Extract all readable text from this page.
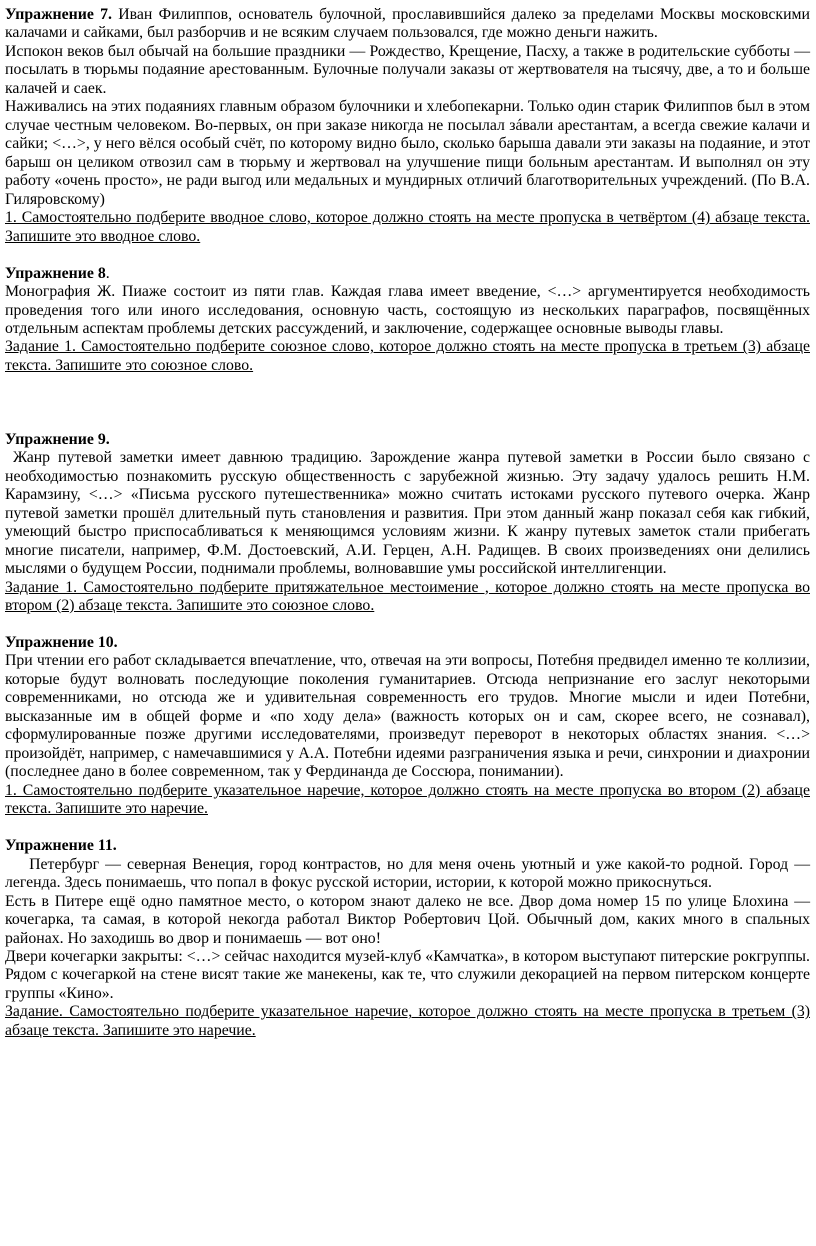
Упражнение 7. Иван Филиппов, основатель булочной, прославившийся далеко за пределами Москвы московскими калачами и сайками, был разборчив и не всяким случаем пользовался, где можно деньги нажить.

Испокон веков был обычай на большие праздники — Рождество, Крещение, Пасху, а также в родительские субботы — посылать в тюрьмы подаяние арестованным. Булочные получали заказы от жертвователя на тысячу, две, а то и больше калачей и саек.

Наживались на этих подаяниях главным образом булочники и хлебопекарни. Только один старик Филиппов был в этом случае честным человеком. Во-первых, он при заказе никогда не посылал зáвали арестантам, а всегда свежие калачи и сайки; <…>, у него вёлся особый счёт, по которому видно было, сколько барыша давали эти заказы на подаяние, и этот барыш он целиком отвозил сам в тюрьму и жертвовал на улучшение пищи больным арестантам. И выполнял он эту работу «очень просто», не ради выгод или медальных и мундирных отличий благотворительных учреждений. (По В.А. Гиляровскому)

1. Самостоятельно подберите вводное слово, которое должно стоять на месте пропуска в четвёртом (4) абзаце текста. Запишите это вводное слово.

Упражнение 8.

Монография Ж. Пиаже состоит из пяти глав. Каждая глава имеет введение, <…> аргументируется необходимость проведения того или иного исследования, основную часть, состоящую из нескольких параграфов, посвящённых отдельным аспектам проблемы детских рассуждений, и заключение, содержащее основные выводы главы.

Задание 1. Самостоятельно подберите союзное слово, которое должно стоять на месте пропуска в третьем (3) абзаце текста. Запишите это союзное слово.

Упражнение 9.

Жанр путевой заметки имеет давнюю традицию. Зарождение жанра путевой заметки в России было связано с необходимостью познакомить русскую общественность с зарубежной жизнью. Эту задачу удалось решить Н.М. Карамзину, <…> «Письма русского путешественника» можно считать истоками русского путевого очерка. Жанр путевой заметки прошёл длительный путь становления и развития. При этом данный жанр показал себя как гибкий, умеющий быстро приспосабливаться к меняющимся условиям жизни. К жанру путевых заметок стали прибегать многие писатели, например, Ф.М. Достоевский, А.И. Герцен, А.Н. Радищев. В своих произведениях они делились мыслями о будущем России, поднимали проблемы, волновавшие умы российской интеллигенции.

Задание 1. Самостоятельно подберите притяжательное местоимение , которое должно стоять на месте пропуска во втором (2) абзаце текста. Запишите это союзное слово.

Упражнение 10.

При чтении его работ складывается впечатление, что, отвечая на эти вопросы, Потебня предвидел именно те коллизии, которые будут волновать последующие поколения гуманитариев. Отсюда непризнание его заслуг некоторыми современниками, но отсюда же и удивительная современность его трудов. Многие мысли и идеи Потебни, высказанные им в общей форме и «по ходу дела» (важность которых он и сам, скорее всего, не сознавал), сформулированные позже другими исследователями, произведут переворот в некоторых областях знания. <…> произойдёт, например, с намечавшимися у А.А. Потебни идеями разграничения языка и речи, синхронии и диахронии (последнее дано в более современном, так у Фердинанда де Соссюра, понимании).

1. Самостоятельно подберите указательное наречие, которое должно стоять на месте пропуска во втором (2) абзаце текста. Запишите это наречие.

Упражнение 11.

Петербург — северная Венеция, город контрастов, но для меня очень уютный и уже какой-то родной. Город — легенда. Здесь понимаешь, что попал в фокус русской истории, истории, к которой можно прикоснуться.

Есть в Питере ещё одно памятное место, о котором знают далеко не все. Двор дома номер 15 по улице Блохина — кочегарка, та самая, в которой некогда работал Виктор Робертович Цой. Обычный дом, каких много в спальных районах. Но заходишь во двор и понимаешь — вот оно!

Двери кочегарки закрыты: <…> сейчас находится музей-клуб «Камчатка», в котором выступают питерские рокгруппы. Рядом с кочегаркой на стене висят такие же манекены, как те, что служили декорацией на первом питерском концерте группы «Кино».

Задание. Самостоятельно подберите указательное наречие, которое должно стоять на месте пропуска в третьем (3) абзаце текста. Запишите это наречие.
